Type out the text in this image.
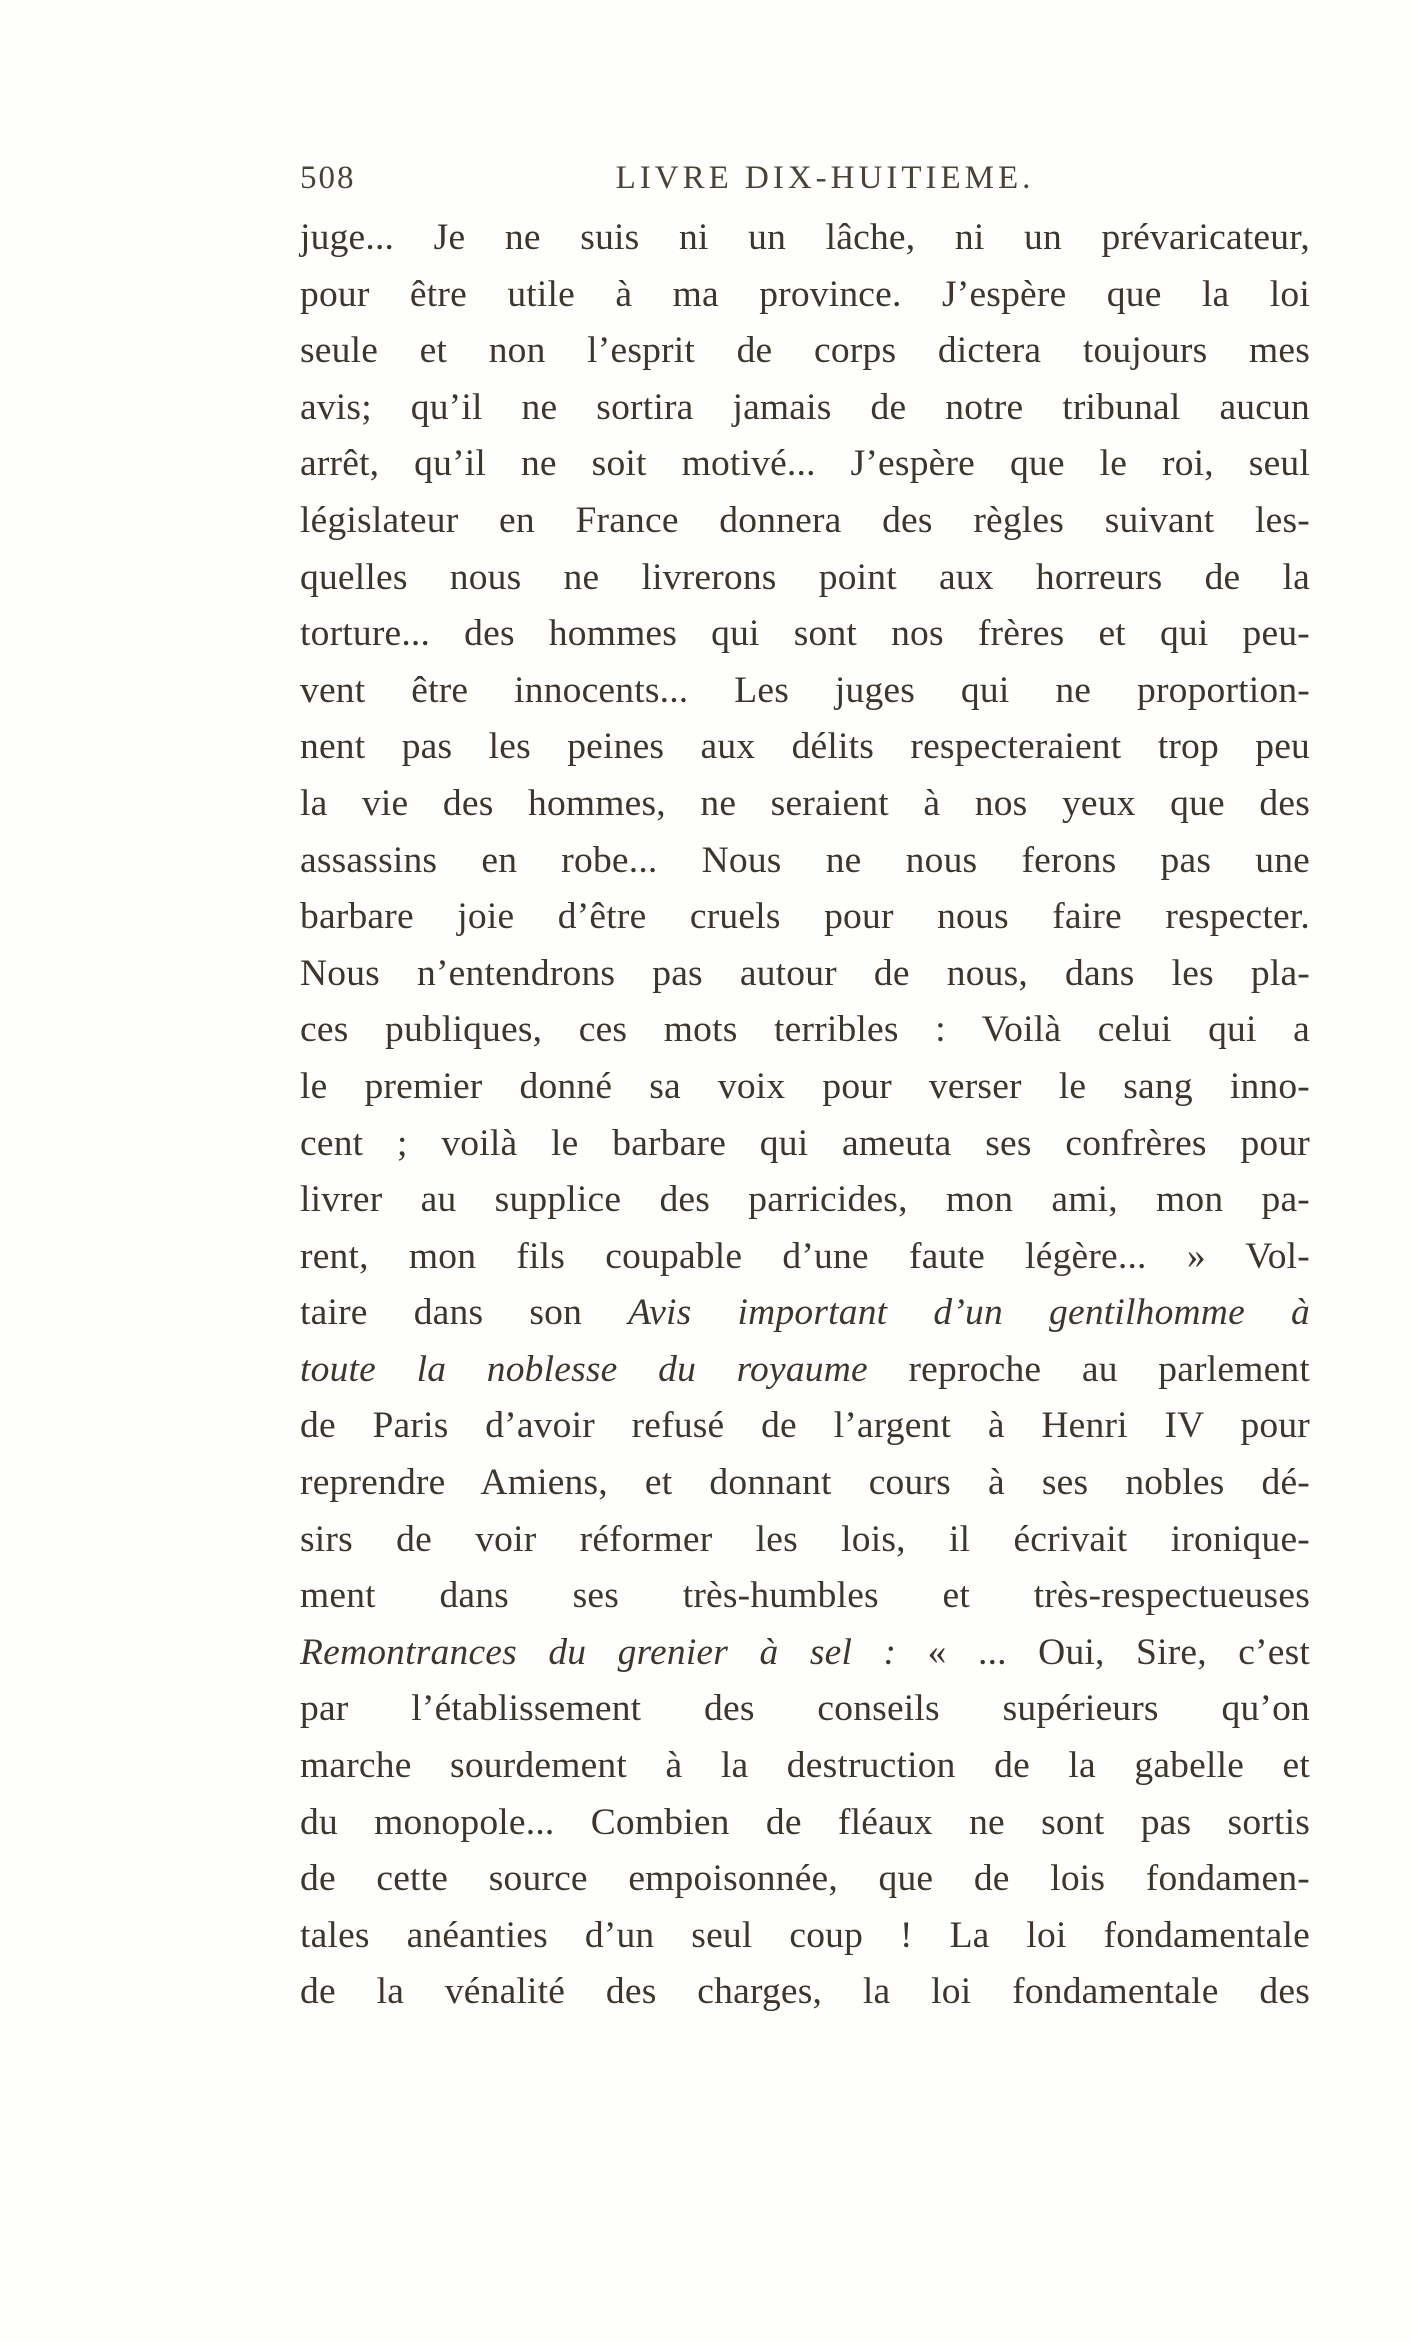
508	LIVRE DIX-HUITIEME.
juge... Je ne suis ni un lâche, ni un prévaricateur,
pour être utile à ma province. J’espère que la loi
seule et non l’esprit de corps dictera toujours mes
avis; qu’il ne sortira jamais de notre tribunal aucun
arrêt, qu’il ne soit motivé... J’espère que le roi, seul
législateur en France donnera des règles suivant les-
quelles nous ne livrerons point aux horreurs de la
torture... des hommes qui sont nos frères et qui peu-
vent être innocents... Les juges qui ne proportion-
nent pas les peines aux délits respecteraient trop peu
la vie des hommes, ne seraient à nos yeux que des
assassins en robe... Nous ne nous ferons pas une
barbare joie d’être cruels pour nous faire respecter.
Nous n’entendrons pas autour de nous, dans les pla-
ces publiques, ces mots terribles : Voilà celui qui a
le premier donné sa voix pour verser le sang inno-
cent ; voilà le barbare qui ameuta ses confrères pour
livrer au supplice des parricides, mon ami, mon pa-
rent, mon fils coupable d’une faute légère... » Vol-
taire dans son Avis important d’un gentilhomme à
toute la noblesse du royaume reproche au parlement
de Paris d’avoir refusé de l’argent à Henri IV pour
reprendre Amiens, et donnant cours à ses nobles dé-
sirs de voir réformer les lois, il écrivait ironique-
ment dans ses très-humbles et très-respectueuses
Remontrances du grenier à sel : « ... Oui, Sire, c’est
par l’établissement des conseils supérieurs qu’on
marche sourdement à la destruction de la gabelle et
du monopole... Combien de fléaux ne sont pas sortis
de cette source empoisonnée, que de lois fondamen-
tales anéanties d’un seul coup ! La loi fondamentale
de la vénalité des charges, la loi fondamentale des
